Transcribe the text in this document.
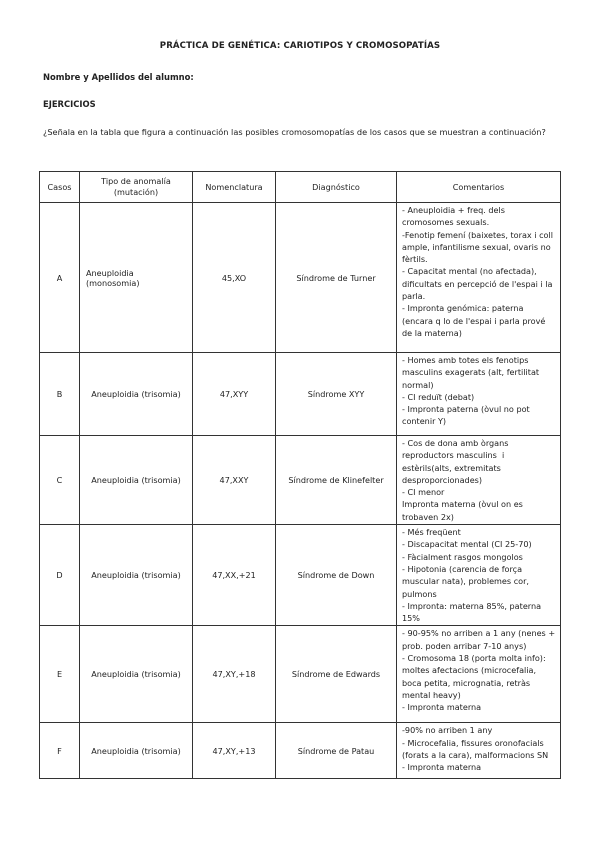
PRÁCTICA DE GENÉTICA: CARIOTIPOS Y CROMOSOPATÍAS
Nombre y Apellidos del alumno:
EJERCICIOS
¿Señala en la tabla que figura a continuación las posibles cromosomopatías de los casos que se muestran a continuación?
Casos	Tipo de anomalía (mutación)	Nomenclatura	Diagnóstico	Comentarios
A	Aneuploidia (monosomia)	45,XO	Síndrome de Turner	- Aneuploidia + freq. dels cromosomes sexuals.
-Fenotip femení (baixetes, torax i coll ample, infantilisme sexual, ovaris no fèrtils.
- Capacitat mental (no afectada), dificultats en percepció de l'espai i la parla.
- Impronta genómica: paterna (encara q lo de l'espai i parla prové de la materna)

B	Aneuploidia (trisomia)	47,XYY	Síndrome XYY	- Homes amb totes els fenotips masculins exagerats (alt, fertilitat normal)
- CI reduït (debat)
- Impronta paterna (òvul no pot contenir Y)

C	Aneuploidia (trisomia)	47,XXY	Síndrome de Klinefelter	- Cos de dona amb òrgans reproductors masculins  i estèrils(alts, extremitats desproporcionades)
- CI menor
Impronta materna (òvul on es trobaven 2x)

D	Aneuploidia (trisomia)	47,XX,+21	Síndrome de Down	- Més freqüent
- Discapacitat mental (CI 25-70)
- Fàcialment rasgos mongolos
- Hipotonia (carencia de força muscular nata), problemes cor, pulmons
- Impronta: materna 85%, paterna 15%

E	Aneuploidia (trisomia)	47,XY,+18	Síndrome de Edwards	- 90-95% no arriben a 1 any (nenes + prob. poden arribar 7-10 anys)
- Cromosoma 18 (porta molta info): moltes afectacions (microcefalia, boca petita, micrognatia, retràs mental heavy)
- Impronta materna

F	Aneuploidia (trisomia)	47,XY,+13	Síndrome de Patau	-90% no arriben 1 any
- Microcefalia, fissures oronofacials (forats a la cara), malformacions SN
- Impronta materna
